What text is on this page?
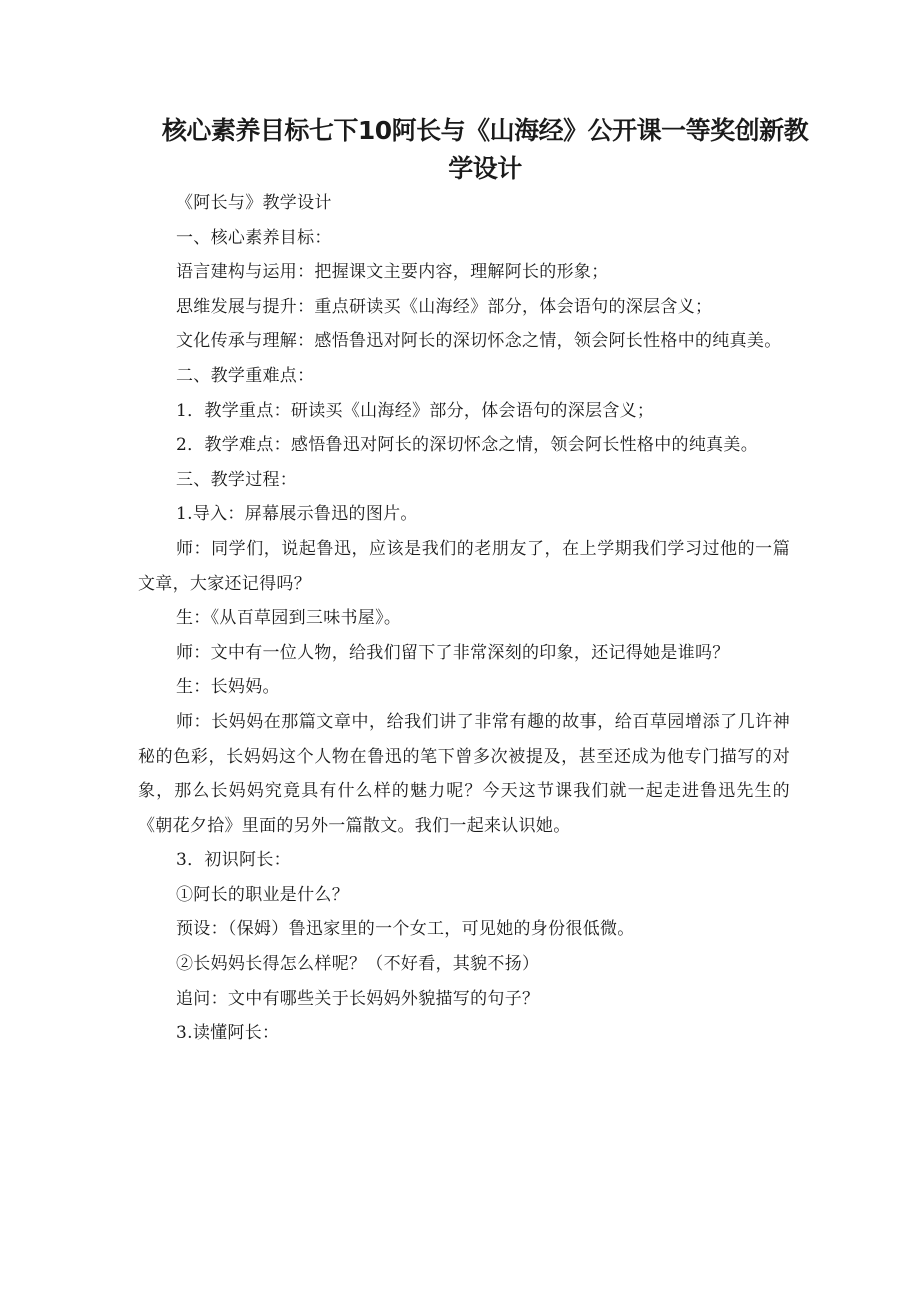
核心素养目标七下10阿长与《山海经》公开课一等奖创新教学设计

《阿长与》教学设计

一、核心素养目标：

语言建构与运用：把握课文主要内容，理解阿长的形象；

思维发展与提升：重点研读买《山海经》部分，体会语句的深层含义；

文化传承与理解：感悟鲁迅对阿长的深切怀念之情，领会阿长性格中的纯真美。

二、教学重难点：

1．教学重点：研读买《山海经》部分，体会语句的深层含义；

2．教学难点：感悟鲁迅对阿长的深切怀念之情，领会阿长性格中的纯真美。

三、教学过程：

1.导入：屏幕展示鲁迅的图片。

师：同学们，说起鲁迅，应该是我们的老朋友了，在上学期我们学习过他的一篇文章，大家还记得吗？

生：《从百草园到三味书屋》。

师：文中有一位人物，给我们留下了非常深刻的印象，还记得她是谁吗？

生：长妈妈。

师：长妈妈在那篇文章中，给我们讲了非常有趣的故事，给百草园增添了几许神秘的色彩，长妈妈这个人物在鲁迅的笔下曾多次被提及，甚至还成为他专门描写的对象，那么长妈妈究竟具有什么样的魅力呢？今天这节课我们就一起走进鲁迅先生的《朝花夕拾》里面的另外一篇散文。我们一起来认识她。

3．初识阿长：

①阿长的职业是什么？

预设：（保姆）鲁迅家里的一个女工，可见她的身份很低微。

②长妈妈长得怎么样呢？（不好看，其貌不扬）

追问：文中有哪些关于长妈妈外貌描写的句子？

3.读懂阿长：
